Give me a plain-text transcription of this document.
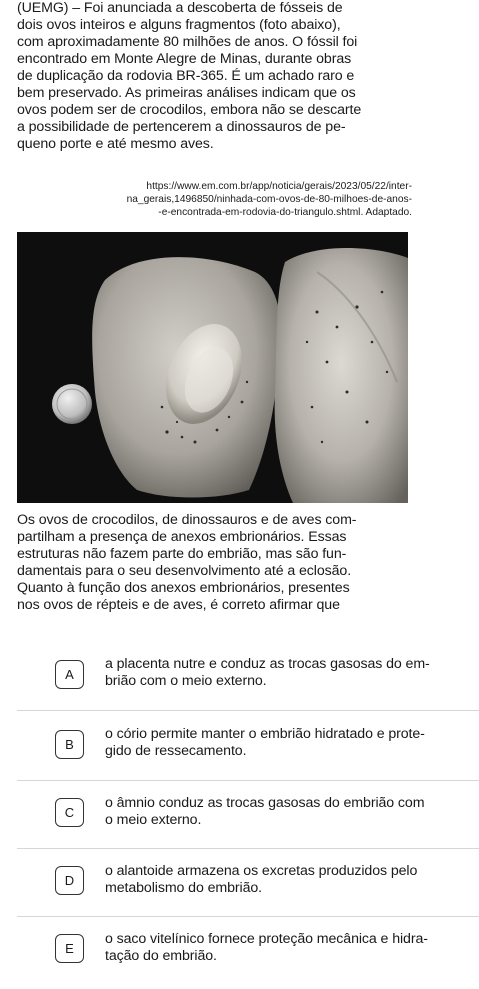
(UEMG) – Foi anunciada a descoberta de fósseis de
dois ovos inteiros e alguns fragmentos (foto abaixo),
com aproximadamente 80 milhões de anos. O fóssil foi
encontrado em Monte Alegre de Minas, durante obras
de duplicação da rodovia BR-365. É um achado raro e
bem preservado. As primeiras análises indicam que os
ovos podem ser de crocodilos, embora não se descarte
a possibilidade de pertencerem a dinossauros de pe-
queno porte e até mesmo aves.
https://www.em.com.br/app/noticia/gerais/2023/05/22/inter-
na_gerais,1496850/ninhada-com-ovos-de-80-milhoes-de-anos-
-e-encontrada-em-rodovia-do-triangulo.shtml. Adaptado.
Os ovos de crocodilos, de dinossauros e de aves com-
partilham a presença de anexos embrionários. Essas
estruturas não fazem parte do embrião, mas são fun-
damentais para o seu desenvolvimento até a eclosão.
Quanto à função dos anexos embrionários, presentes
nos ovos de répteis e de aves, é correto afirmar que
A
a placenta nutre e conduz as trocas gasosas do em-
brião com o meio externo.
B
o cório permite manter o embrião hidratado e prote-
gido de ressecamento.
C
o âmnio conduz as trocas gasosas do embrião com
o meio externo.
D
o alantoide armazena os excretas produzidos pelo
metabolismo do embrião.
E
o saco vitelínico fornece proteção mecânica e hidra-
tação do embrião.
